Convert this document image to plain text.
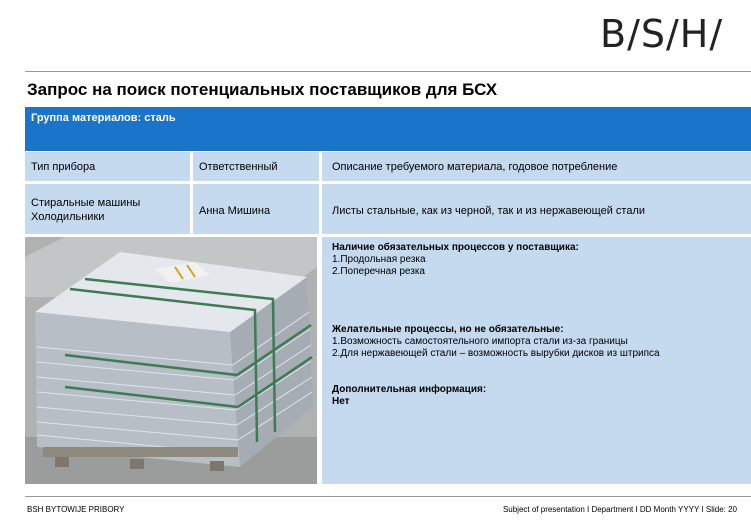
B/S/H/
Запрос на поиск потенциальных поставщиков для БСХ
Группа материалов: сталь
Тип прибора	Ответственный	Описание требуемого материала, годовое потребление
Стиральные машины
Холодильники	Анна Мишина	Листы стальные, как из черной, так и из нержавеющей стали
Наличие обязательных процессов у поставщика:
1.Продольная резка
2.Поперечная резка
Желательные процессы, но не обязательные:
1.Возможность самостоятельного импорта стали из-за границы
2.Для нержавеющей стали – возможность вырубки дисков из штрипса
Дополнительная информация:
Нет
BSH BYTOWIJE PRIBORY	Subject of presentation I Department I DD Month YYYY I Slide: 20
